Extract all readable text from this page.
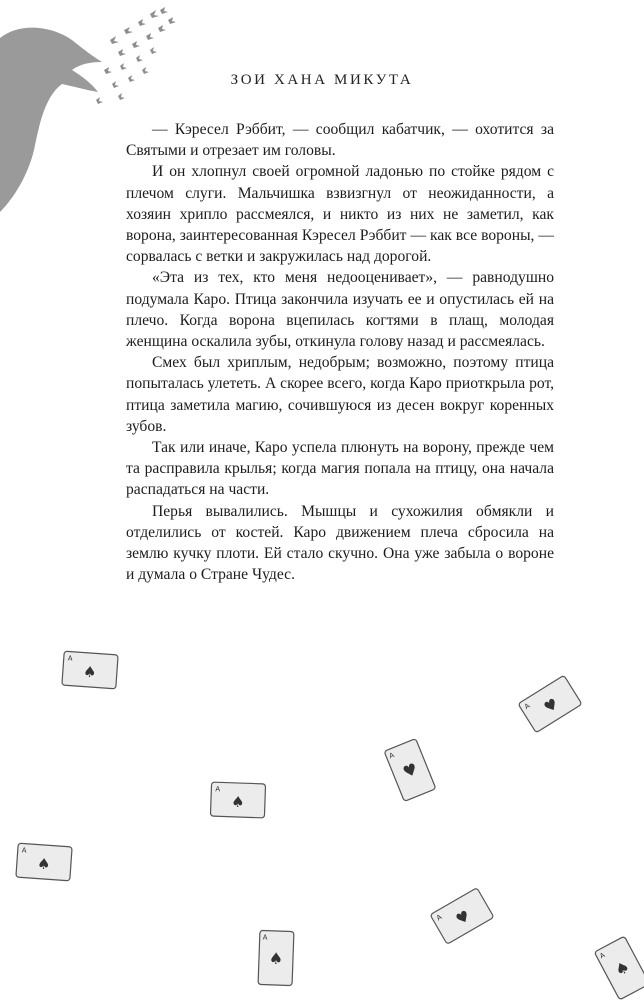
ЗОИ ХАНА МИКУТА

— Кэресел Рэббит, — сообщил кабатчик, — охотится за Святыми и отрезает им головы.

И он хлопнул своей огромной ладонью по стойке рядом с плечом слуги. Мальчишка взвизгнул от неожиданности, а хозяин хрипло рассмеялся, и никто из них не заметил, как ворона, заинтересованная Кэресел Рэббит — как все вороны, — сорвалась с ветки и закружилась над дорогой.

«Эта из тех, кто меня недооценивает», — равнодушно подумала Каро. Птица закончила изучать ее и опустилась ей на плечо. Когда ворона вцепилась когтями в плащ, молодая женщина оскалила зубы, откинула голову назад и рассмеялась.

Смех был хриплым, недобрым; возможно, поэтому птица попыталась улететь. А скорее всего, когда Каро приоткрыла рот, птица заметила магию, сочившуюся из десен вокруг коренных зубов.

Так или иначе, Каро успела плюнуть на ворону, прежде чем та расправила крылья; когда магия попала на птицу, она начала распадаться на части.

Перья вывалились. Мышцы и сухожилия обмякли и отделились от костей. Каро движением плеча сбросила на землю кучку плоти. Ей стало скучно. Она уже забыла о вороне и думала о Стране Чудес.

A
♠
A ♥
A
♥
A
♠
A
♠
A ♥
A
♠	A
♠
